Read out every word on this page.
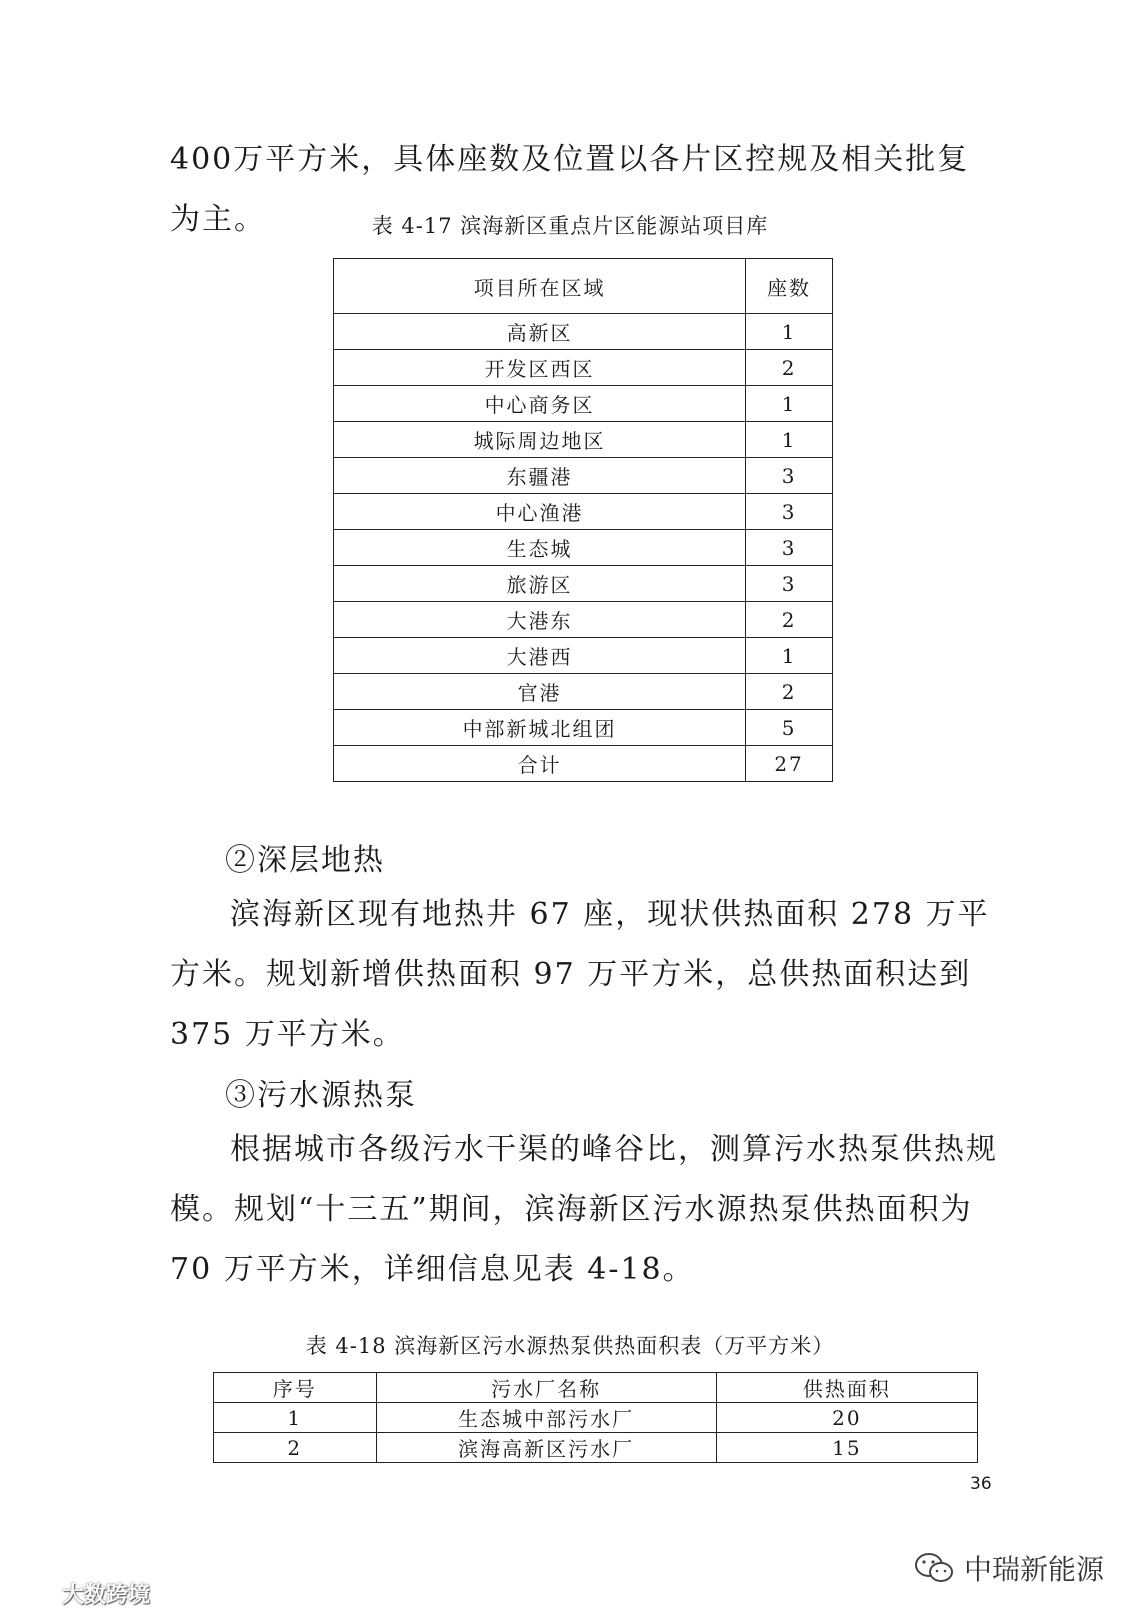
400万平方米，具体座数及位置以各片区控规及相关批复为主。	表 4-17 滨海新区重点片区能源站项目库

项目所在区域	座数
高新区	1
开发区西区	2
中心商务区	1
城际周边地区	1
东疆港	3
中心渔港	3
生态城	3
旅游区	3
大港东	2
大港西	1
官港	2
中部新城北组团	5
合计	27

②深层地热

滨海新区现有地热井 67 座，现状供热面积 278 万平方米。规划新增供热面积 97 万平方米，总供热面积达到 375 万平方米。

③污水源热泵

根据城市各级污水干渠的峰谷比，测算污水热泵供热规模。规划“十三五”期间，滨海新区污水源热泵供热面积为 70 万平方米，详细信息见表 4-18。

表 4-18 滨海新区污水源热泵供热面积表（万平方米）

序号	污水厂名称	供热面积
1	生态城中部污水厂	20
2	滨海高新区污水厂	15
36
中瑞新能源
大数跨境
